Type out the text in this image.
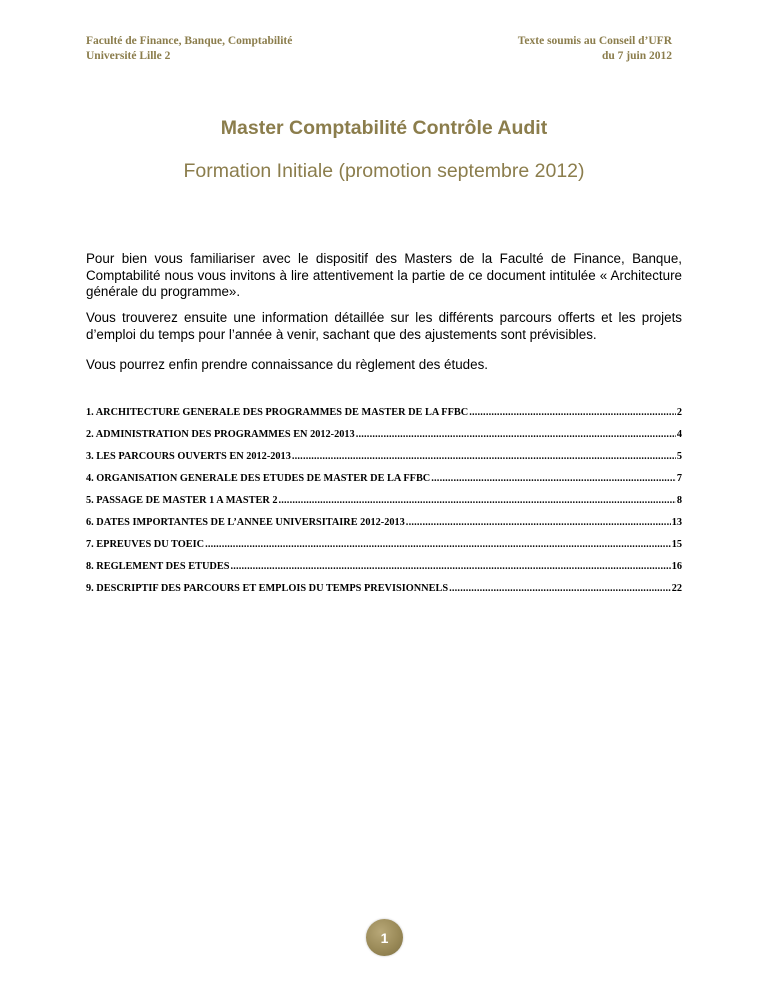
Faculté de Finance, Banque, Comptabilité
Université Lille 2
Texte soumis au Conseil d’UFR
du 7 juin 2012
Master Comptabilité Contrôle Audit
Formation Initiale (promotion septembre 2012)

Pour bien vous familiariser avec le dispositif des Masters de la Faculté de Finance, Banque, Comptabilité nous vous invitons à lire attentivement la partie de ce document intitulée « Architecture générale du programme».

Vous trouverez ensuite une information détaillée sur les différents parcours offerts et les projets d’emploi du temps pour l’année à venir, sachant que des ajustements sont prévisibles.

Vous pourrez enfin prendre connaissance du règlement des études.

1. ARCHITECTURE GENERALE DES PROGRAMMES DE MASTER DE LA FFBC .....	2
2. ADMINISTRATION DES PROGRAMMES EN 2012-2013 .....	4
3. LES PARCOURS OUVERTS EN 2012-2013 .....	5
4. ORGANISATION GENERALE DES ETUDES DE MASTER DE LA FFBC .....	7
5. PASSAGE DE MASTER 1 A MASTER 2 .....	8
6. DATES IMPORTANTES DE L’ANNEE UNIVERSITAIRE 2012-2013 .....	13
7. EPREUVES DU TOEIC .....	15
8. REGLEMENT DES ETUDES .....	16
9. DESCRIPTIF DES PARCOURS ET EMPLOIS DU TEMPS PREVISIONNELS .....	22
1
